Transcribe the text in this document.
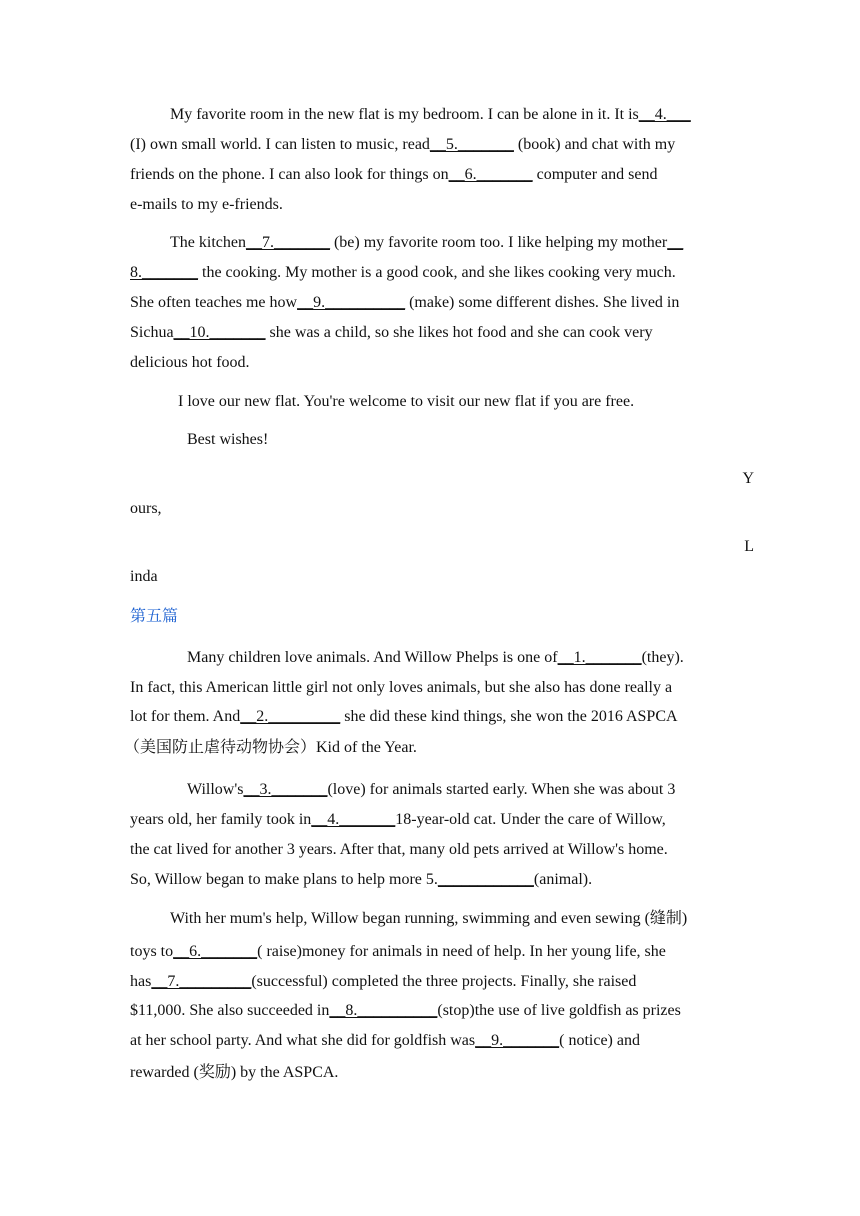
My favorite room in the new flat is my bedroom. I can be alone in it. It is__4.___
(I) own small world. I can listen to music, read__5._______ (book) and chat with my
friends on the phone. I can also look for things on__6._______ computer and send
e-mails to my e-friends.
The kitchen__7._______ (be) my favorite room too. I like helping my mother__
8._______ the cooking. My mother is a good cook, and she likes cooking very much.
She often teaches me how__9.__________ (make) some different dishes. She lived in
Sichua__10._______ she was a child, so she likes hot food and she can cook very
delicious hot food.
I love our new flat. You're welcome to visit our new flat if you are free.
Best wishes!
Y
ours,
L
inda
第五篇
Many children love animals. And Willow Phelps is one of__1._______(they).
In fact, this American little girl not only loves animals, but she also has done really a
lot for them. And__2._________ she did these kind things, she won the 2016 ASPCA
（美国防止虐待动物协会）Kid of the Year.
Willow's__3._______(love) for animals started early. When she was about 3
years old, her family took in__4._______18-year-old cat. Under the care of Willow,
the cat lived for another 3 years. After that, many old pets arrived at Willow's home.
So, Willow began to make plans to help more 5.____________(animal).
With her mum's help, Willow began running, swimming and even sewing (缝制)
toys to__6._______( raise)money for animals in need of help. In her young life, she
has__7._________(successful) completed the three projects. Finally, she raised
$11,000. She also succeeded in__8.__________(stop)the use of live goldfish as prizes
at her school party. And what she did for goldfish was__9._______( notice) and
rewarded (奖励) by the ASPCA.
